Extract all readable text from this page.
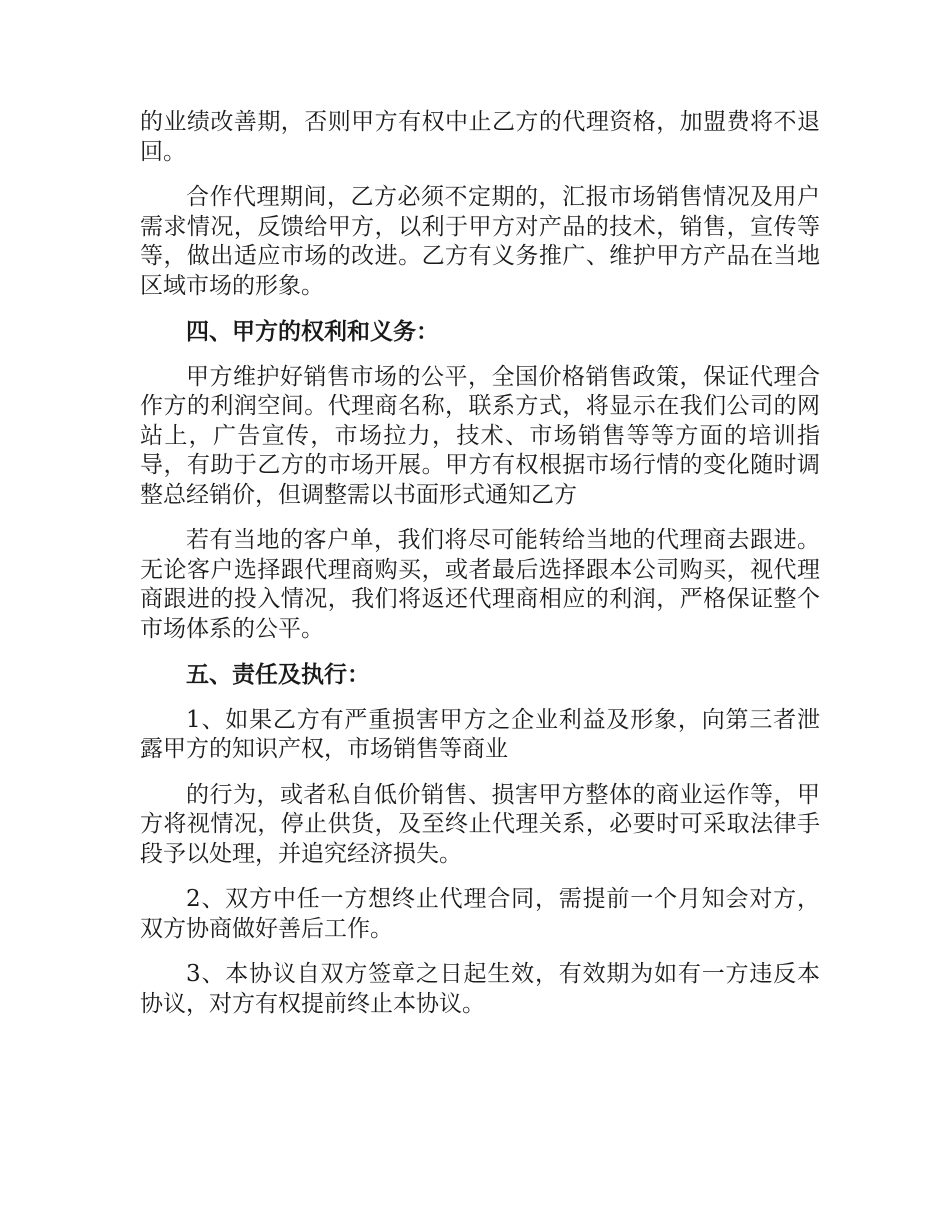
的业绩改善期，否则甲方有权中止乙方的代理资格，加盟费将不退回。

合作代理期间，乙方必须不定期的，汇报市场销售情况及用户需求情况，反馈给甲方，以利于甲方对产品的技术，销售，宣传等等，做出适应市场的改进。乙方有义务推广、维护甲方产品在当地区域市场的形象。

四、甲方的权利和义务：

甲方维护好销售市场的公平，全国价格销售政策，保证代理合作方的利润空间。代理商名称，联系方式，将显示在我们公司的网站上，广告宣传，市场拉力，技术、市场销售等等方面的培训指导，有助于乙方的市场开展。甲方有权根据市场行情的变化随时调整总经销价，但调整需以书面形式通知乙方

若有当地的客户单，我们将尽可能转给当地的代理商去跟进。无论客户选择跟代理商购买，或者最后选择跟本公司购买，视代理商跟进的投入情况，我们将返还代理商相应的利润，严格保证整个市场体系的公平。

五、责任及执行：

1、如果乙方有严重损害甲方之企业利益及形象，向第三者泄露甲方的知识产权，市场销售等商业

的行为，或者私自低价销售、损害甲方整体的商业运作等，甲方将视情况，停止供货，及至终止代理关系，必要时可采取法律手段予以处理，并追究经济损失。

2、双方中任一方想终止代理合同，需提前一个月知会对方，双方协商做好善后工作。

3、本协议自双方签章之日起生效，有效期为如有一方违反本协议，对方有权提前终止本协议。
